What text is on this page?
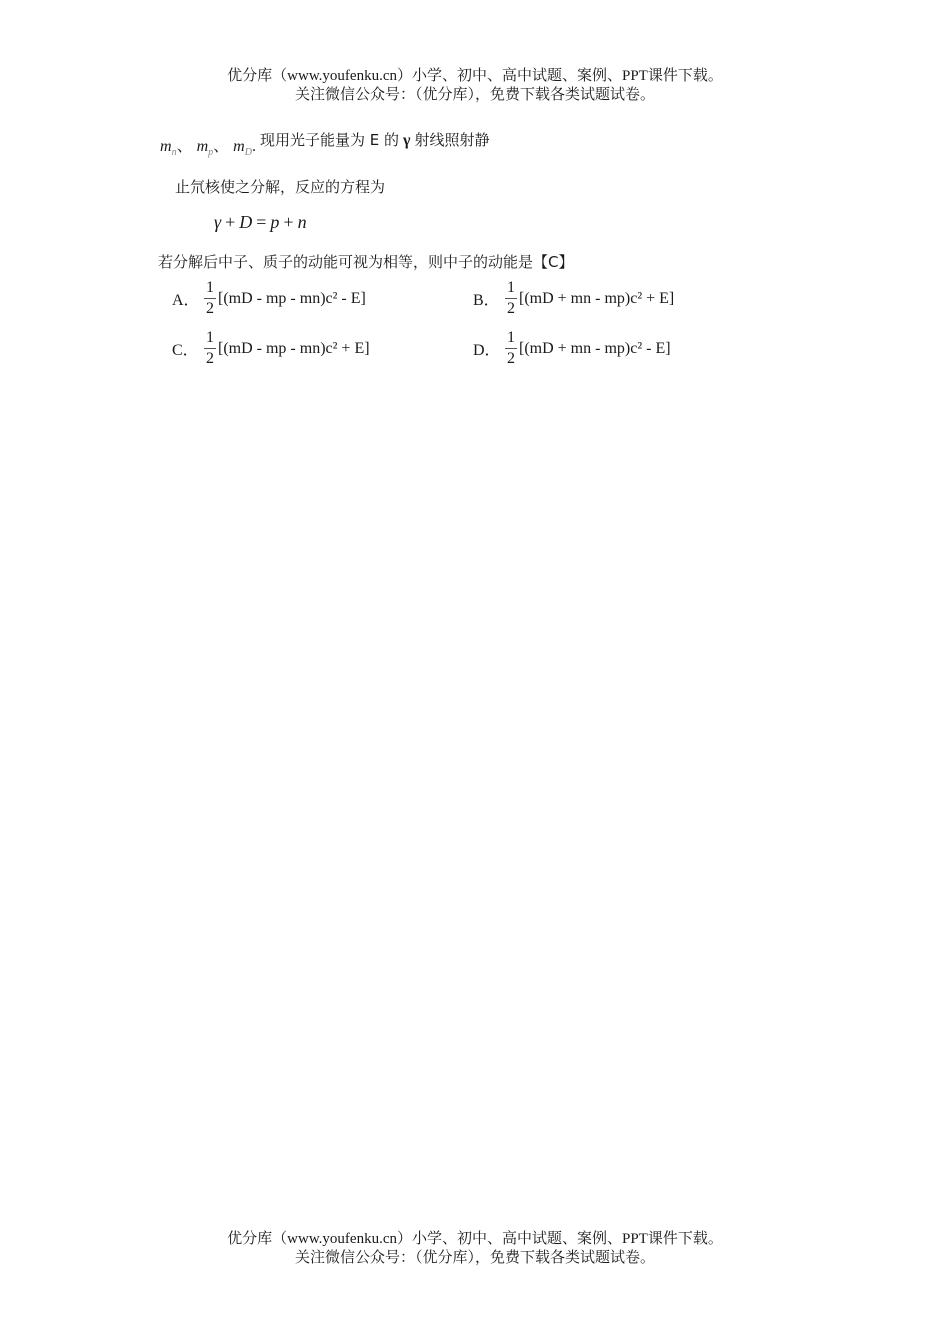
优分库（www.youfenku.cn）小学、初中、高中试题、案例、PPT课件下载。
关注微信公众号：（优分库），免费下载各类试题试卷。
$m_n$、 $m_p$、 $m_D$. 现用光子能量为 E 的 γ 射线照射静
止氘核使之分解，反应的方程为
γ + D = p + n
若分解后中子、质子的动能可视为相等，则中子的动能是【C】
A． $\frac{1}{2} [(mD$ - mp - mn)c² - E]	B． $\frac{1}{2} [(mD$ + mn - mp)c² + E]
C． $\frac{1}{2} [(mD$ - mp - mn)c² + E]	D． $\frac{1}{2} [(mD$ + mn - mp)c² - E]
优分库（www.youfenku.cn）小学、初中、高中试题、案例、PPT课件下载。
关注微信公众号：（优分库），免费下载各类试题试卷。
